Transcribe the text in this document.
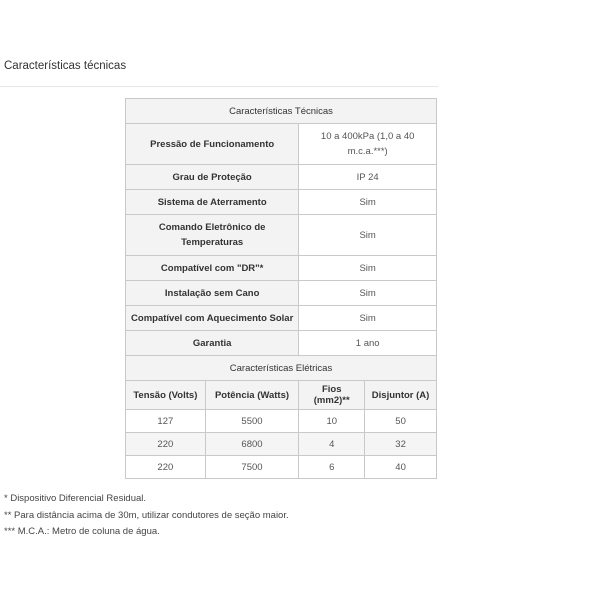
Características técnicas
Características Técnicas			
Pressão de Funcionamento		10 a 400kPa (1,0 a 40 m.c.a.***)	
Grau de Proteção		IP 24	
Sistema de Aterramento		Sim	
Comando Eletrônico de Temperaturas		Sim	
Compatível com "DR"*		Sim	
Instalação sem Cano		Sim	
Compatível com Aquecimento Solar		Sim	
Garantia		1 ano	
Características Elétricas			
Tensão (Volts)	Potência (Watts)	Fios (mm2)**	Disjuntor (A)
127	5500	10	50
220	6800	4	32
220	7500	6	40
* Dispositivo Diferencial Residual.
** Para distância acima de 30m, utilizar condutores de seção maior.
*** M.C.A.: Metro de coluna de água.
